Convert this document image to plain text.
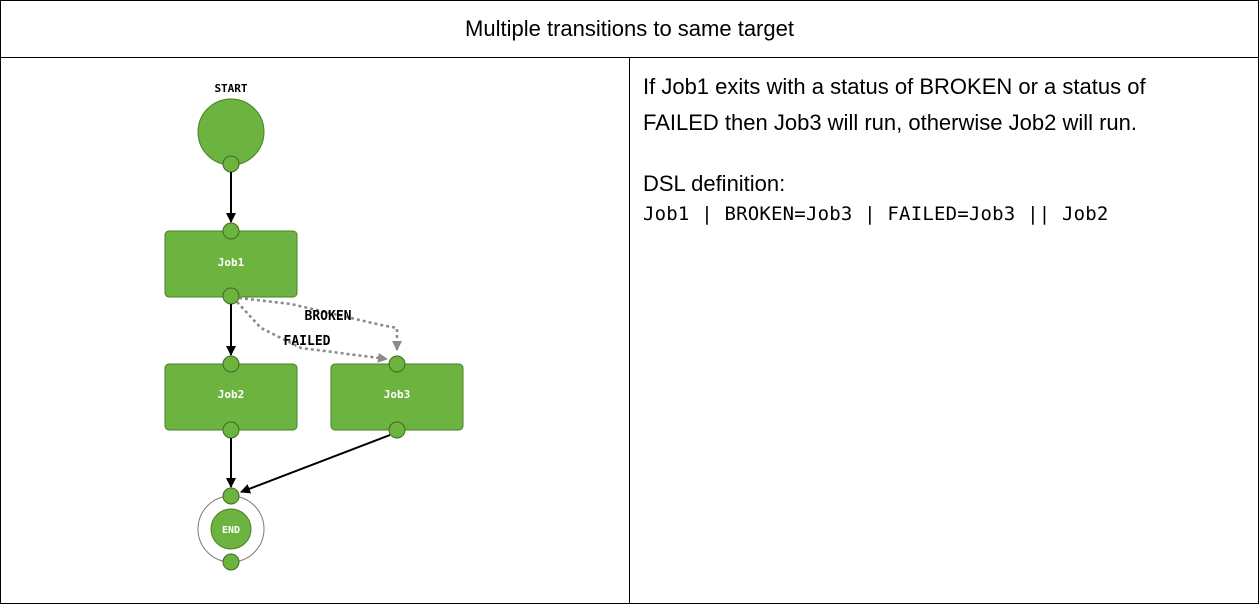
Multiple transitions to same target
START
Job1
BROKEN
FAILED
Job2	Job3
END
If Job1 exits with a status of BROKEN or a status of
FAILED then Job3 will run, otherwise Job2 will run.
DSL definition:
Job1 | BROKEN=Job3 | FAILED=Job3 || Job2
